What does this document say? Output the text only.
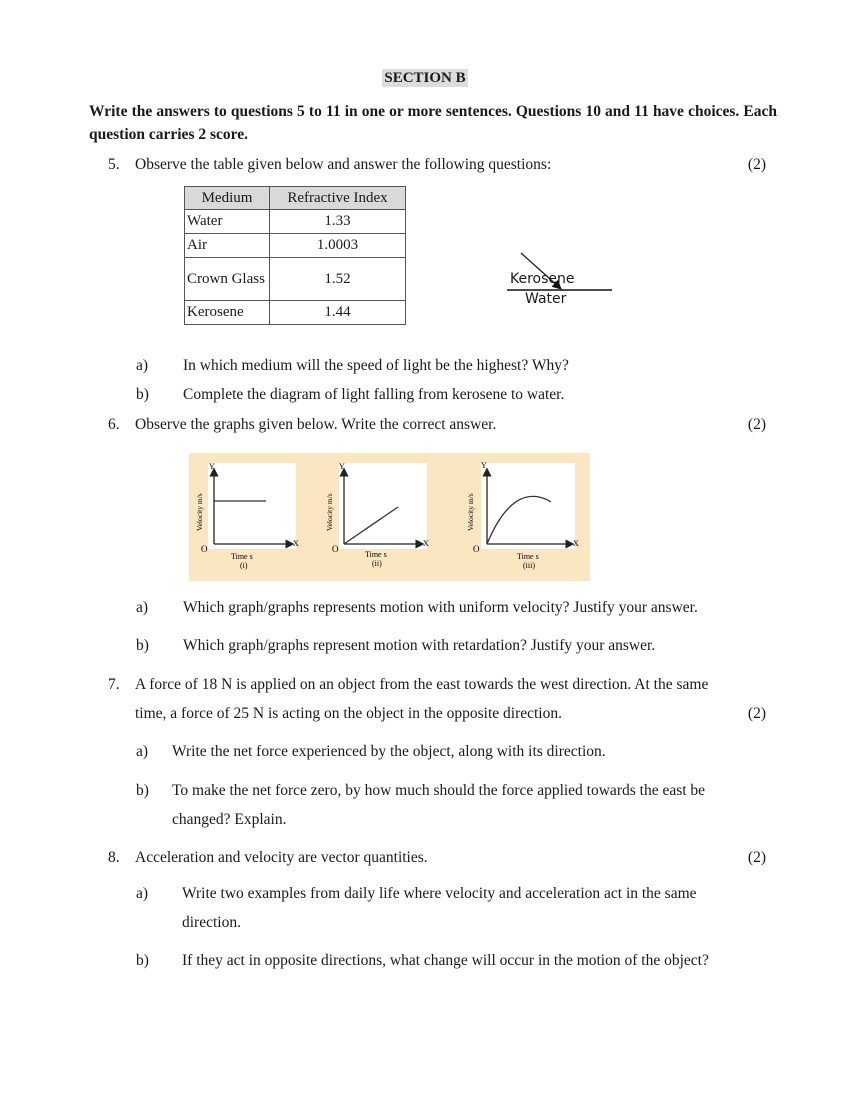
SECTION B
Write the answers to questions 5 to 11 in one or more sentences. Questions 10 and 11 have choices. Each question carries 2 score.
5. Observe the table given below and answer the following questions:	(2)
Medium	Refractive Index
Water	1.33
Air	1.0003
Crown Glass	1.52
Kerosene	1.44
Kerosene
Water
a) In which medium will the speed of light be the highest? Why?
b) Complete the diagram of light falling from kerosene to water.
6. Observe the graphs given below. Write the correct answer.	(2)
Y
X
O
Velocity m/s
Time s
(i)
Y
X
O
Velocity m/s
Time s
(ii)
Y
X
O
Velocity m/s
Time s
(iii)
a) Which graph/graphs represents motion with uniform velocity? Justify your answer.
b) Which graph/graphs represent motion with retardation? Justify your answer.
7. A force of 18 N is applied on an object from the east towards the west direction. At the same
time, a force of 25 N is acting on the object in the opposite direction.	(2)
a) Write the net force experienced by the object, along with its direction.
b) To make the net force zero, by how much should the force applied towards the east be
changed? Explain.
8. Acceleration and velocity are vector quantities.	(2)
a) Write two examples from daily life where velocity and acceleration act in the same
direction.
b) If they act in opposite directions, what change will occur in the motion of the object?
